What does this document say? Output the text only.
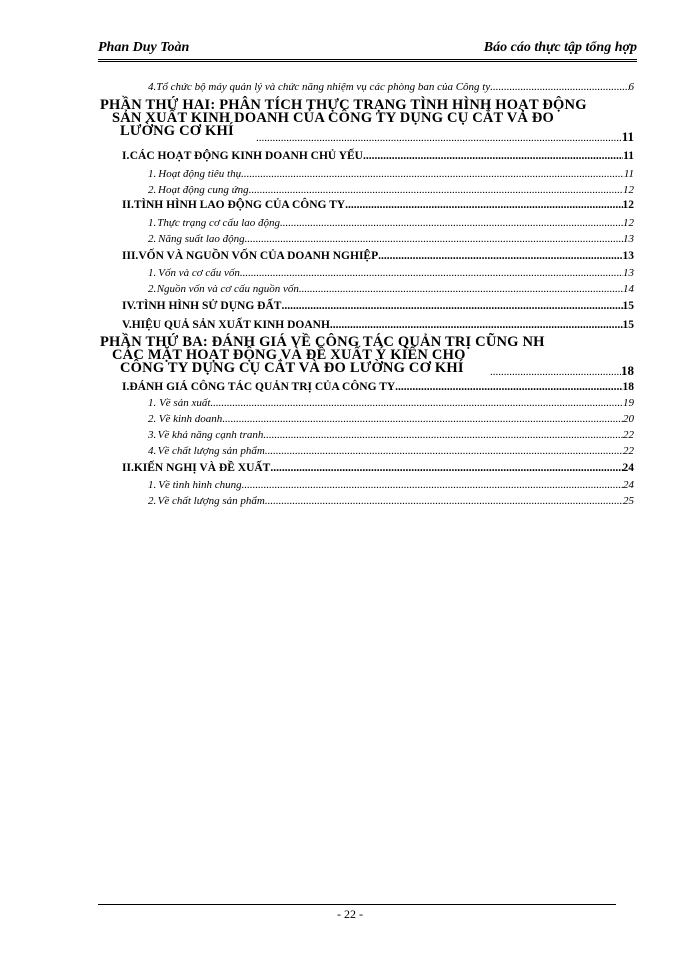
Phan Duy Toàn	Báo cáo thực tập tổng hợp
4. Tổ chức bộ máy quản lý và chức năng nhiệm vụ các phòng ban của Công ty .....	6
PHẦN THỨ HAI: PHÂN TÍCH THỰC TRẠNG TÌNH HÌNH HOẠT ĐỘNG
SẢN XUẤT KINH DOANH CỦA CÔNG TY DỤNG CỤ CẮT VÀ ĐO
LƯỜNG CƠ KHÍ .....	11
I. CÁC HOẠT ĐỘNG KINH DOANH CHỦ YẾU .....	11
1. Hoạt động tiêu thụ .....	11
2. Hoạt động cung ứng .....	12
II. TÌNH HÌNH LAO ĐỘNG CỦA CÔNG TY .....	12
1. Thực trạng cơ cấu lao động .....	12
2. Năng suất lao động .....	13
III. VỐN VÀ NGUỒN VỐN CỦA DOANH NGHIỆP .....	13
1. Vốn và cơ cấu vốn .....	13
2. Nguồn vốn và cơ cấu nguồn vốn .....	14
IV. TÌNH HÌNH SỬ DỤNG ĐẤT .....	15
V. HIỆU QUẢ SẢN XUẤT KINH DOANH .....	15
PHẦN THỨ BA: ĐÁNH GIÁ VỀ CÔNG TÁC QUẢN TRỊ CŨNG NH
CÁC MẶT HOẠT ĐỘNG VÀ ĐỀ XUẤT Ý KIẾN CHO
CÔNG TY DỤNG CỤ CẮT VÀ ĐO LƯỜNG CƠ KHÍ .....	18
I. ĐÁNH GIÁ CÔNG TÁC QUẢN TRỊ CỦA CÔNG TY .....	18
1. Về sản xuất .....	19
2. Về kinh doanh .....	20
3. Về khả năng cạnh tranh .....	22
4. Về chất lượng sản phẩm .....	22
II. KIẾN NGHỊ VÀ ĐỀ XUẤT .....	24
1. Về tình hình chung .....	24
2. Về chất lượng sản phẩm .....	25
- 22 -
